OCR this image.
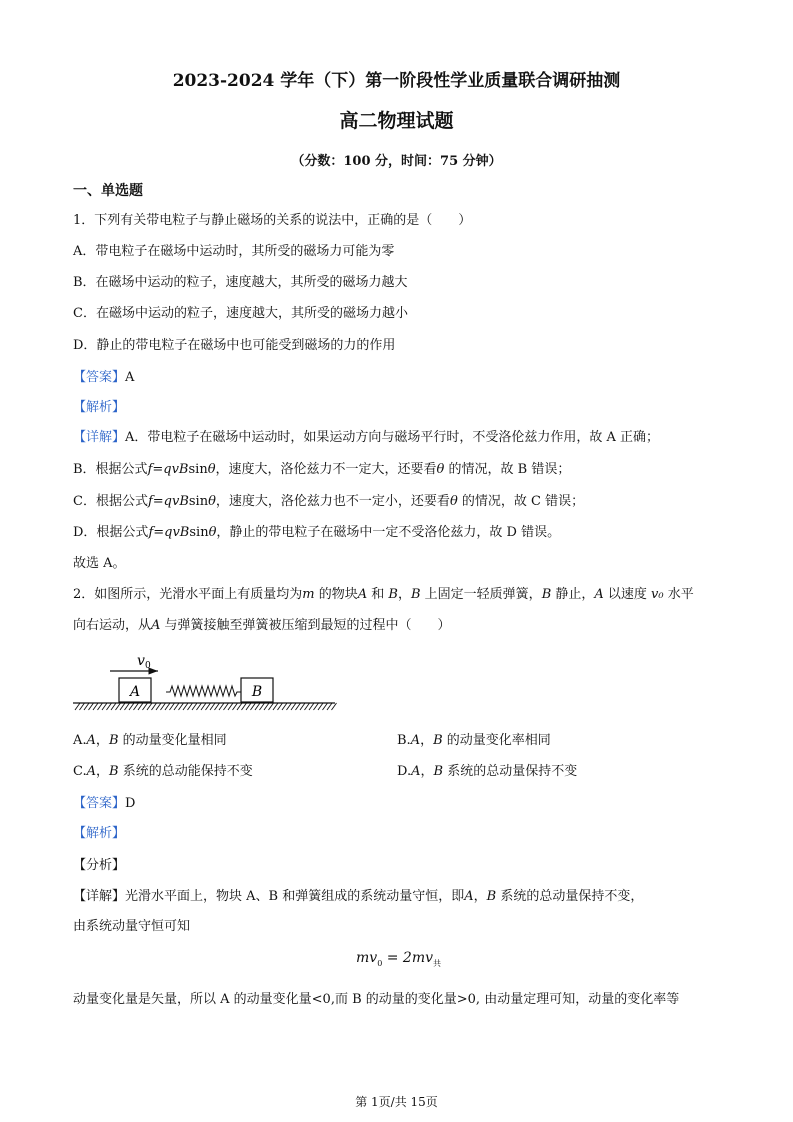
2023-2024 学年（下）第一阶段性学业质量联合调研抽测
高二物理试题
（分数：100 分，时间：75 分钟）
一、单选题
1．下列有关带电粒子与静止磁场的关系的说法中，正确的是（　　）
A．带电粒子在磁场中运动时，其所受的磁场力可能为零
B．在磁场中运动的粒子，速度越大，其所受的磁场力越大
C．在磁场中运动的粒子，速度越大，其所受的磁场力越小
D．静止的带电粒子在磁场中也可能受到磁场的力的作用
【答案】A
【解析】
【详解】A．带电粒子在磁场中运动时，如果运动方向与磁场平行时，不受洛伦兹力作用，故 A 正确；
B．根据公式f=qvBsinθ，速度大，洛伦兹力不一定大，还要看θ 的情况，故 B 错误；
C．根据公式f=qvBsinθ，速度大，洛伦兹力也不一定小，还要看θ 的情况，故 C 错误；
D．根据公式f=qvBsinθ，静止的带电粒子在磁场中一定不受洛伦兹力，故 D 错误。
故选 A。
2．如图所示，光滑水平面上有质量均为m 的物块A 和 B，B 上固定一轻质弹簧，B 静止，A 以速度 v₀ 水平
向右运动，从A 与弹簧接触至弹簧被压缩到最短的过程中（　　）
v 0
A	B
A.A，B 的动量变化量相同	B.A，B 的动量变化率相同
C.A，B 系统的总动能保持不变	D.A，B 系统的总动量保持不变
【答案】D
【解析】
【分析】
【详解】光滑水平面上，物块 A、B 和弹簧组成的系统动量守恒，即A，B 系统的总动量保持不变，
由系统动量守恒可知
$mv_0 = 2mv_共$
动量变化量是矢量，所以 A 的动量变化量<0,而 B 的动量的变化量>0, 由动量定理可知，动量的变化率等
第 1页/共 15页
